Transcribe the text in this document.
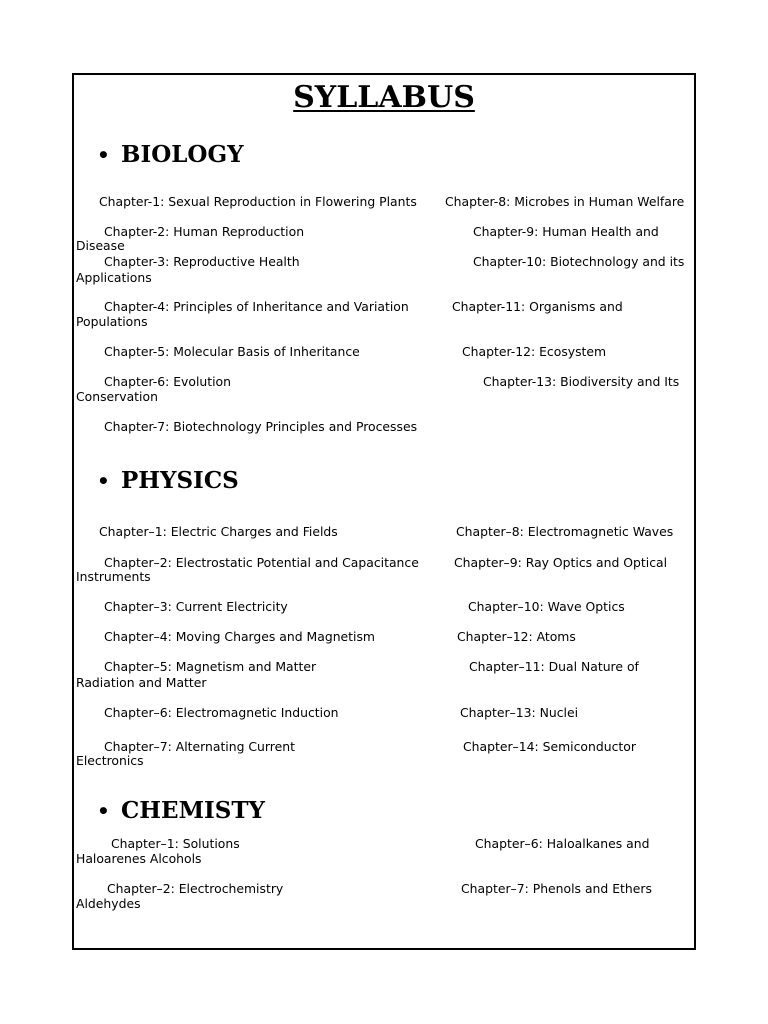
SYLLABUS
• BIOLOGY
Chapter-1: Sexual Reproduction in Flowering Plants Chapter-8: Microbes in Human Welfare
Chapter-2: Human Reproduction	Chapter-9: Human Health and
Disease
Chapter-3: Reproductive Health	Chapter-10: Biotechnology and its
Applications
Chapter-4: Principles of Inheritance and Variation	Chapter-11: Organisms and
Populations
Chapter-5: Molecular Basis of Inheritance	Chapter-12: Ecosystem
Chapter-6: Evolution	Chapter-13: Biodiversity and Its
Conservation
Chapter-7: Biotechnology Principles and Processes
• PHYSICS
Chapter–1: Electric Charges and Fields	Chapter–8: Electromagnetic Waves
Chapter–2: Electrostatic Potential and Capacitance	Chapter–9: Ray Optics and Optical
Instruments
Chapter–3: Current Electricity	Chapter–10: Wave Optics
Chapter–4: Moving Charges and Magnetism	Chapter–12: Atoms
Chapter–5: Magnetism and Matter	Chapter–11: Dual Nature of
Radiation and Matter
Chapter–6: Electromagnetic Induction	Chapter–13: Nuclei
Chapter–7: Alternating Current	Chapter–14: Semiconductor
Electronics
• CHEMISTY
Chapter–1: Solutions	Chapter–6: Haloalkanes and
Haloarenes Alcohols
Chapter–2: Electrochemistry	Chapter–7: Phenols and Ethers
Aldehydes
